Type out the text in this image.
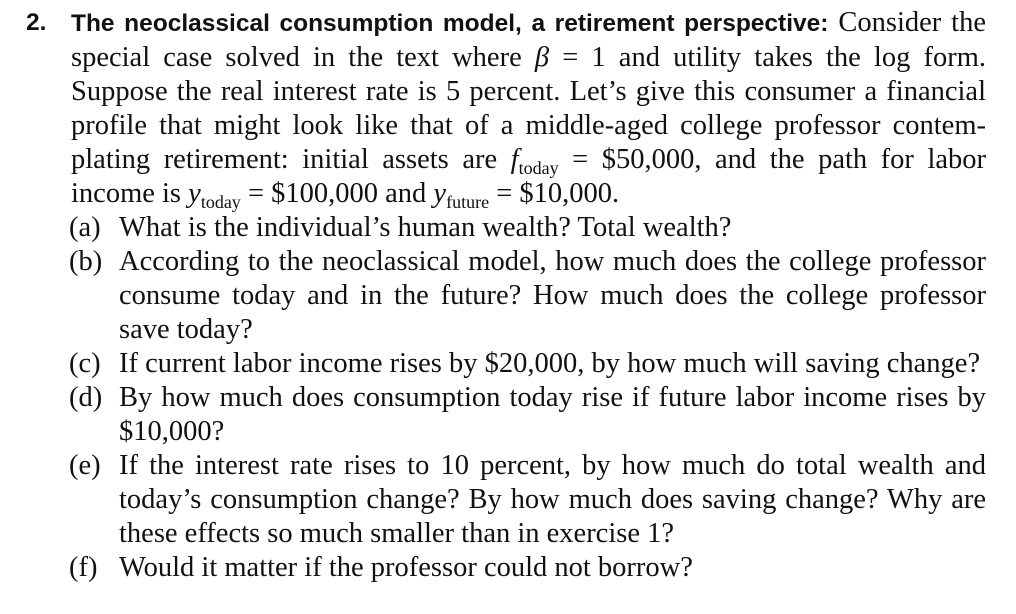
2. The neoclassical consumption model, a retirement perspective: Consider the special case solved in the text where β = 1 and utility takes the log form. Suppose the real interest rate is 5 percent. Let’s give this consumer a financial profile that might look like that of a middle-aged college professor contem-plating retirement: initial assets are $f_{today}$ = $50,000, and the path for labor income is $y_{today}$ = $100,000 and $y_{future}$ = $10,000.
(a) What is the individual’s human wealth? Total wealth?
(b) According to the neoclassical model, how much does the college professor consume today and in the future? How much does the college professor save today?
(c) If current labor income rises by $20,000, by how much will saving change?
(d) By how much does consumption today rise if future labor income rises by $10,000?
(e) If the interest rate rises to 10 percent, by how much do total wealth and today’s consumption change? By how much does saving change? Why are these effects so much smaller than in exercise 1?
(f) Would it matter if the professor could not borrow?
